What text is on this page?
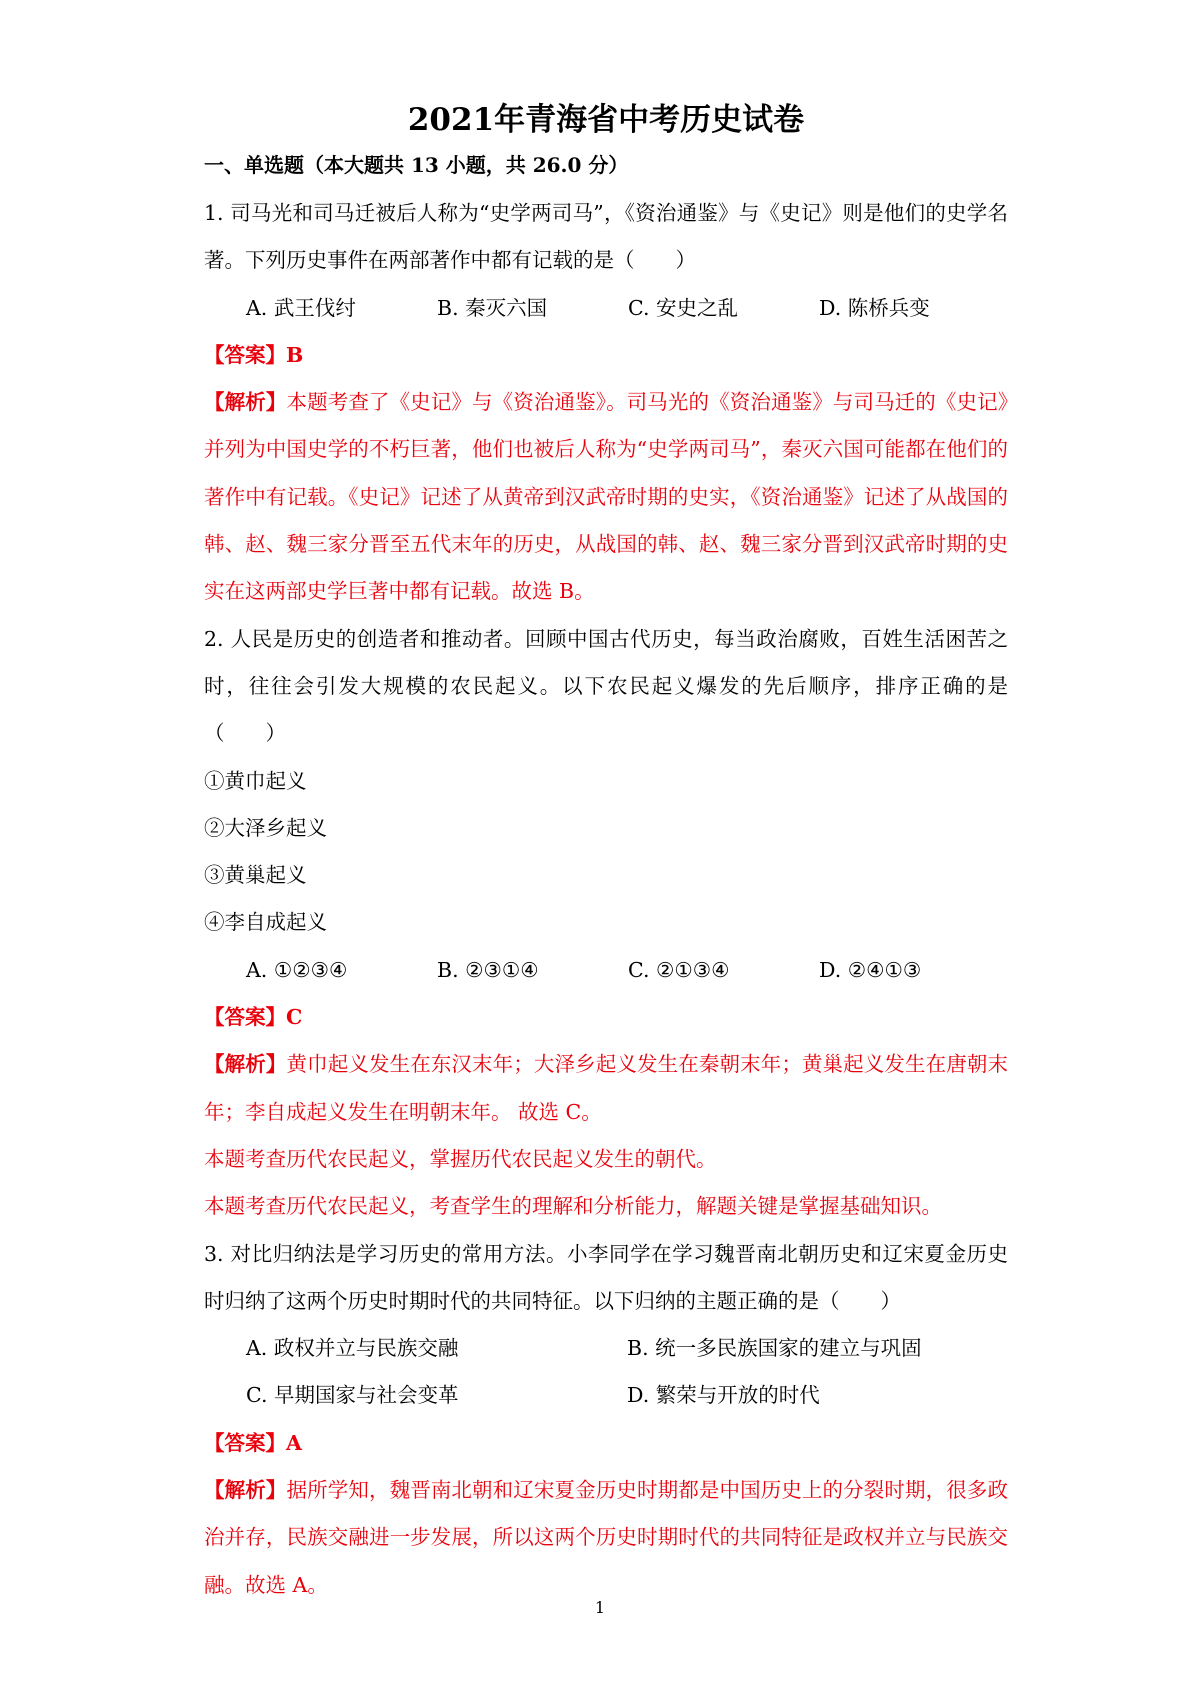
2021年青海省中考历史试卷
一、单选题（本大题共 13 小题，共 26.0 分）

1. 司马光和司马迁被后人称为“史学两司马”，《资治通鉴》与《史记》则是他们的史学名著。下列历史事件在两部著作中都有记载的是（　　）

A. 武王伐纣	B. 秦灭六国	C. 安史之乱	D. 陈桥兵变

【答案】B

【解析】本题考查了《史记》与《资治通鉴》。司马光的《资治通鉴》与司马迁的《史记》并列为中国史学的不朽巨著，他们也被后人称为“史学两司马”，秦灭六国可能都在他们的著作中有记载。《史记》记述了从黄帝到汉武帝时期的史实，《资治通鉴》记述了从战国的韩、赵、魏三家分晋至五代末年的历史，从战国的韩、赵、魏三家分晋到汉武帝时期的史实在这两部史学巨著中都有记载。故选 B。

2. 人民是历史的创造者和推动者。回顾中国古代历史，每当政治腐败，百姓生活困苦之时，往往会引发大规模的农民起义。以下农民起义爆发的先后顺序，排序正确的是（　　）

①黄巾起义

②大泽乡起义

③黄巢起义

④李自成起义

A. ①②③④	B. ②③①④	C. ②①③④	D. ②④①③

【答案】C

【解析】黄巾起义发生在东汉末年；大泽乡起义发生在秦朝末年；黄巢起义发生在唐朝末年；李自成起义发生在明朝末年。 故选 C。

本题考查历代农民起义，掌握历代农民起义发生的朝代。

本题考查历代农民起义，考查学生的理解和分析能力，解题关键是掌握基础知识。

3. 对比归纳法是学习历史的常用方法。小李同学在学习魏晋南北朝历史和辽宋夏金历史时归纳了这两个历史时期时代的共同特征。以下归纳的主题正确的是（　　）

A. 政权并立与民族交融	B. 统一多民族国家的建立与巩固
C. 早期国家与社会变革	D. 繁荣与开放的时代

【答案】A

【解析】据所学知，魏晋南北朝和辽宋夏金历史时期都是中国历史上的分裂时期，很多政治并存，民族交融进一步发展，所以这两个历史时期时代的共同特征是政权并立与民族交融。故选 A。

1
